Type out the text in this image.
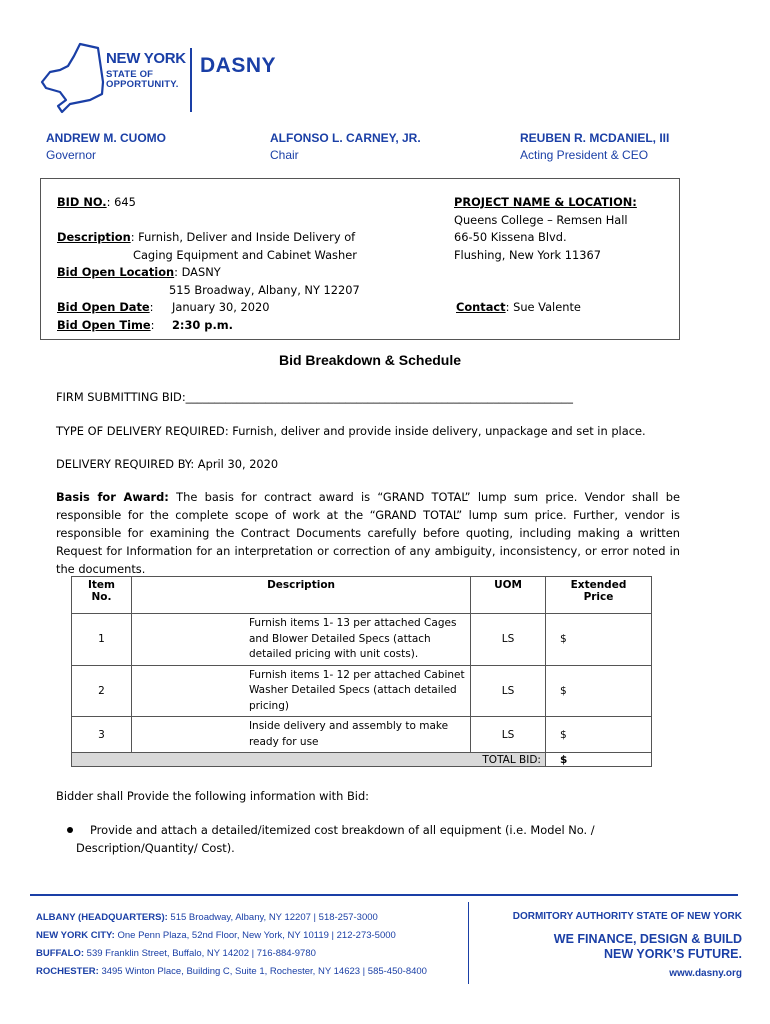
NEW YORK
STATE OF
OPPORTUNITY.
DASNY
ANDREW M. CUOMO
Governor
ALFONSO L. CARNEY, JR.
Chair
REUBEN R. MCDANIEL, III
Acting President & CEO
BID NO.: 645
Description: Furnish, Deliver and Inside Delivery of
Caging Equipment and Cabinet Washer
Bid Open Location: DASNY
515 Broadway, Albany, NY 12207
Bid Open Date: January 30, 2020
Bid Open Time: 2:30 p.m.
PROJECT NAME & LOCATION:
Queens College – Remsen Hall
66-50 Kissena Blvd.
Flushing, New York 11367
Contact: Sue Valente
Bid Breakdown & Schedule
FIRM SUBMITTING BID:____________________________________________________________________
TYPE OF DELIVERY REQUIRED: Furnish, deliver and provide inside delivery, unpackage and set in place.
DELIVERY REQUIRED BY: April 30, 2020
Basis for Award: The basis for contract award is “GRAND TOTAL” lump sum price. Vendor shall be responsible for the complete scope of work at the “GRAND TOTAL” lump sum price. Further, vendor is responsible for examining the Contract Documents carefully before quoting, including making a written Request for Information for an interpretation or correction of any ambiguity, inconsistency, or error noted in the documents.
Item No.	Description	UOM	Extended Price
1	Furnish items 1- 13 per attached Cages and Blower Detailed Specs (attach detailed pricing with unit costs).	LS	$
2	Furnish items 1- 12 per attached Cabinet Washer Detailed Specs (attach detailed pricing)	LS	$
3	Inside delivery and assembly to make ready for use	LS	$
		TOTAL BID:	$
Bidder shall Provide the following information with Bid:
Provide and attach a detailed/itemized cost breakdown of all equipment (i.e. Model No. / Description/Quantity/ Cost).
ALBANY (HEADQUARTERS): 515 Broadway, Albany, NY 12207 | 518-257-3000
NEW YORK CITY: One Penn Plaza, 52nd Floor, New York, NY 10119 | 212-273-5000
BUFFALO: 539 Franklin Street, Buffalo, NY 14202 | 716-884-9780
ROCHESTER: 3495 Winton Place, Building C, Suite 1, Rochester, NY 14623 | 585-450-8400
DORMITORY AUTHORITY STATE OF NEW YORK
WE FINANCE, DESIGN & BUILD
NEW YORK’S FUTURE.
www.dasny.org
